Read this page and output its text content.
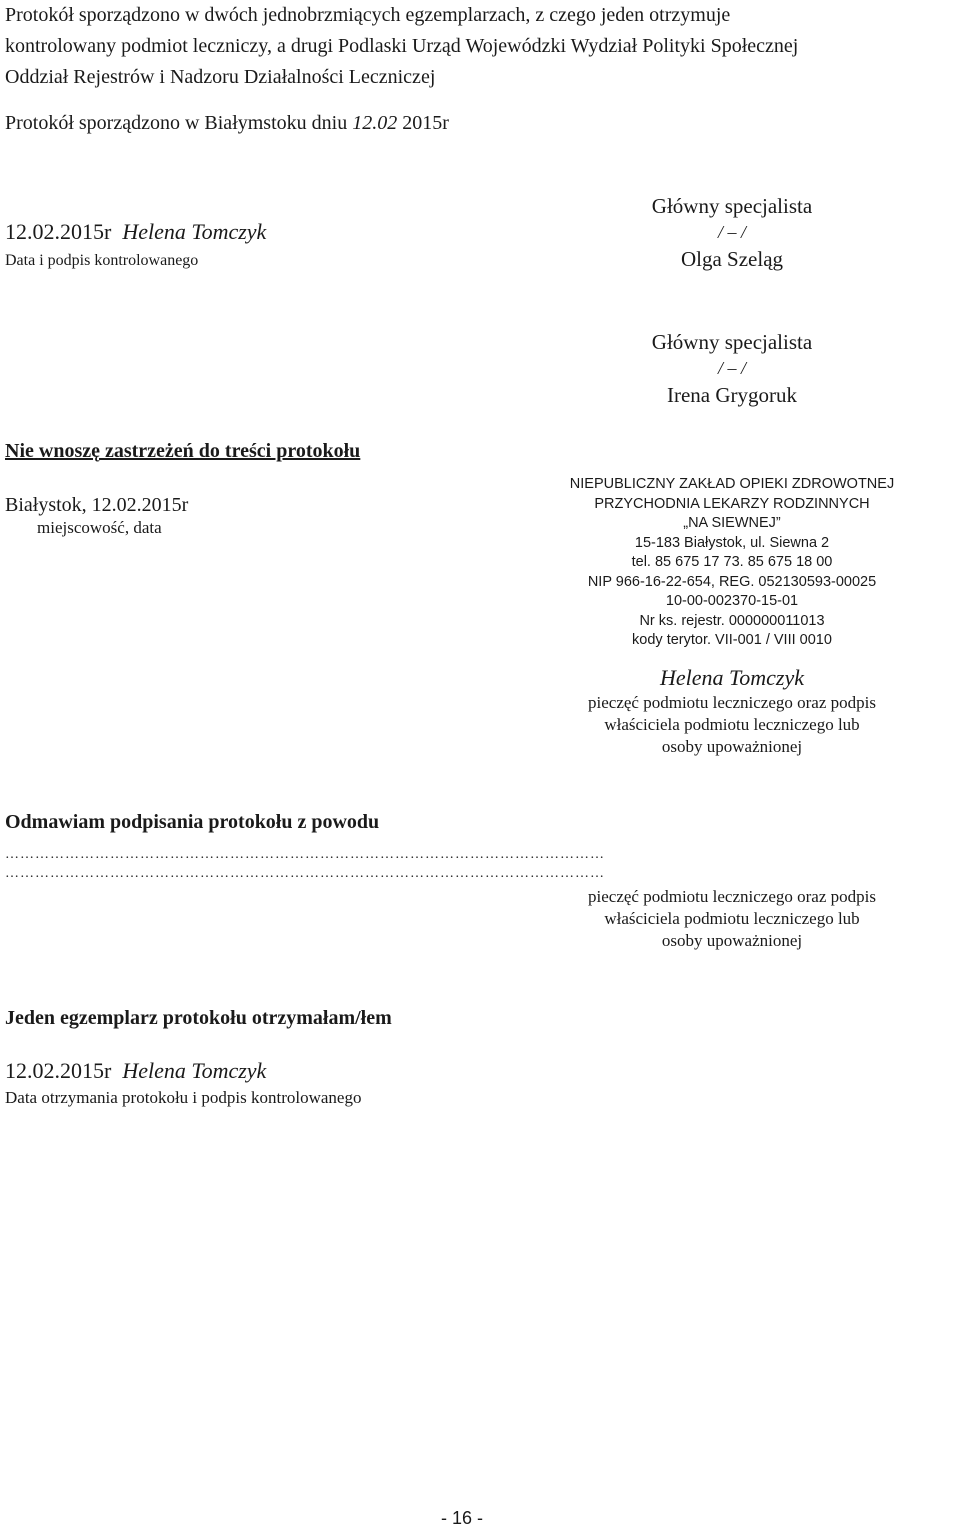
Protokół sporządzono w dwóch jednobrzmiących egzemplarzach, z czego jeden otrzymuje
kontrolowany podmiot leczniczy, a drugi Podlaski Urząd Wojewódzki Wydział Polityki Społecznej
Oddział Rejestrów i Nadzoru Działalności Leczniczej
Protokół sporządzono w Białymstoku dniu 12.02 2015r
12.02.2015r Helena Tomczyk
Data i podpis kontrolowanego
Główny specjalista
/ – /
Olga Szeląg
Główny specjalista
/ – /
Irena Grygoruk
Nie wnoszę zastrzeżeń do treści protokołu
Białystok, 12.02.2015r
miejscowość, data
NIEPUBLICZNY ZAKŁAD OPIEKI ZDROWOTNEJ
PRZYCHODNIA LEKARZY RODZINNYCH
„NA SIEWNEJ”
15-183 Białystok, ul. Siewna 2
tel. 85 675 17 73. 85 675 18 00
NIP 966-16-22-654, REG. 052130593-00025
10-00-002370-15-01
Nr ks. rejestr. 000000011013
kody terytor. VII-001 / VIII 0010
Helena Tomczyk
pieczęć podmiotu leczniczego oraz podpis
właściciela podmiotu leczniczego lub
osoby upoważnionej
Odmawiam podpisania protokołu z powodu
…………………………………………………………………………………………………………
…………………………………………………………………………………………………………
pieczęć podmiotu leczniczego oraz podpis
właściciela podmiotu leczniczego lub
osoby upoważnionej
Jeden egzemplarz protokołu otrzymałam/łem
12.02.2015r Helena Tomczyk
Data otrzymania protokołu i podpis kontrolowanego
- 16 -
